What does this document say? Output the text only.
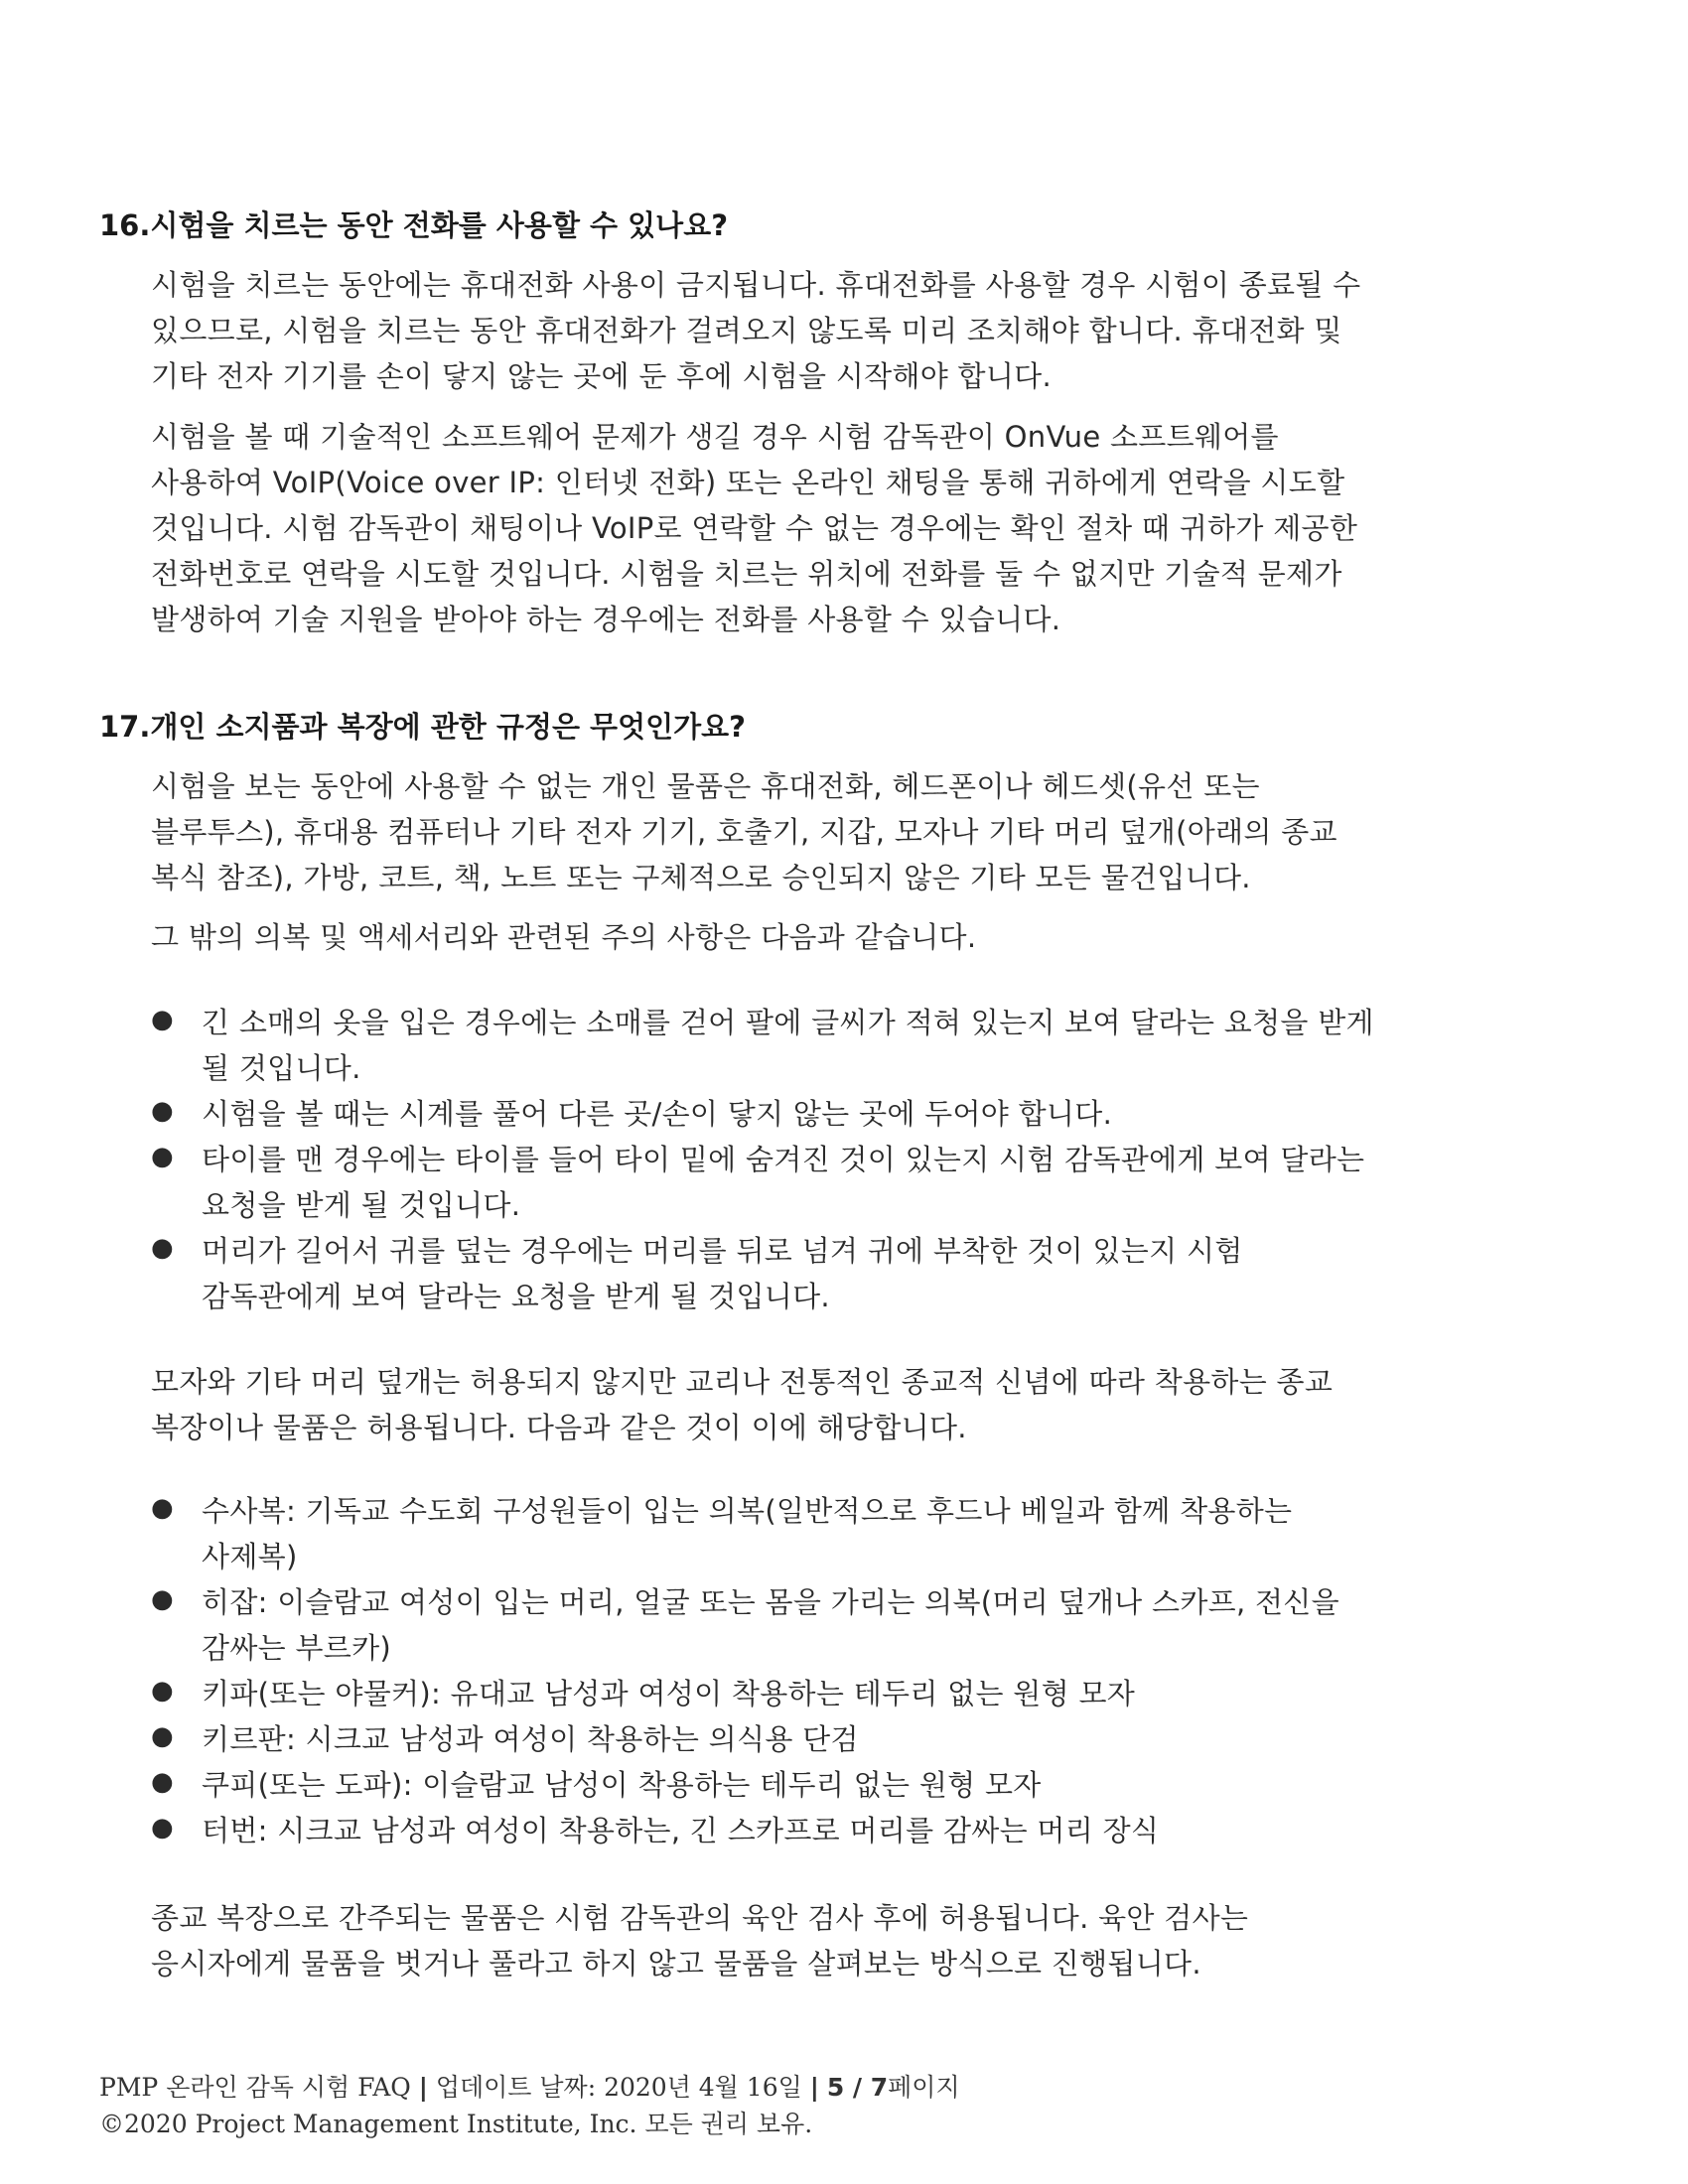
16.시험을 치르는 동안 전화를 사용할 수 있나요?
시험을 치르는 동안에는 휴대전화 사용이 금지됩니다. 휴대전화를 사용할 경우 시험이 종료될 수
있으므로, 시험을 치르는 동안 휴대전화가 걸려오지 않도록 미리 조치해야 합니다. 휴대전화 및
기타 전자 기기를 손이 닿지 않는 곳에 둔 후에 시험을 시작해야 합니다.
시험을 볼 때 기술적인 소프트웨어 문제가 생길 경우 시험 감독관이 OnVue 소프트웨어를
사용하여 VoIP(Voice over IP: 인터넷 전화) 또는 온라인 채팅을 통해 귀하에게 연락을 시도할
것입니다. 시험 감독관이 채팅이나 VoIP로 연락할 수 없는 경우에는 확인 절차 때 귀하가 제공한
전화번호로 연락을 시도할 것입니다. 시험을 치르는 위치에 전화를 둘 수 없지만 기술적 문제가
발생하여 기술 지원을 받아야 하는 경우에는 전화를 사용할 수 있습니다.
17.개인 소지품과 복장에 관한 규정은 무엇인가요?
시험을 보는 동안에 사용할 수 없는 개인 물품은 휴대전화, 헤드폰이나 헤드셋(유선 또는
블루투스), 휴대용 컴퓨터나 기타 전자 기기, 호출기, 지갑, 모자나 기타 머리 덮개(아래의 종교
복식 참조), 가방, 코트, 책, 노트 또는 구체적으로 승인되지 않은 기타 모든 물건입니다.
그 밖의 의복 및 액세서리와 관련된 주의 사항은 다음과 같습니다.
● 긴 소매의 옷을 입은 경우에는 소매를 걷어 팔에 글씨가 적혀 있는지 보여 달라는 요청을 받게
될 것입니다.
● 시험을 볼 때는 시계를 풀어 다른 곳/손이 닿지 않는 곳에 두어야 합니다.
● 타이를 맨 경우에는 타이를 들어 타이 밑에 숨겨진 것이 있는지 시험 감독관에게 보여 달라는
요청을 받게 될 것입니다.
● 머리가 길어서 귀를 덮는 경우에는 머리를 뒤로 넘겨 귀에 부착한 것이 있는지 시험
감독관에게 보여 달라는 요청을 받게 될 것입니다.
모자와 기타 머리 덮개는 허용되지 않지만 교리나 전통적인 종교적 신념에 따라 착용하는 종교
복장이나 물품은 허용됩니다. 다음과 같은 것이 이에 해당합니다.
● 수사복: 기독교 수도회 구성원들이 입는 의복(일반적으로 후드나 베일과 함께 착용하는
사제복)
● 히잡: 이슬람교 여성이 입는 머리, 얼굴 또는 몸을 가리는 의복(머리 덮개나 스카프, 전신을
감싸는 부르카)
● 키파(또는 야물커): 유대교 남성과 여성이 착용하는 테두리 없는 원형 모자
● 키르판: 시크교 남성과 여성이 착용하는 의식용 단검
● 쿠피(또는 도파): 이슬람교 남성이 착용하는 테두리 없는 원형 모자
● 터번: 시크교 남성과 여성이 착용하는, 긴 스카프로 머리를 감싸는 머리 장식
종교 복장으로 간주되는 물품은 시험 감독관의 육안 검사 후에 허용됩니다. 육안 검사는
응시자에게 물품을 벗거나 풀라고 하지 않고 물품을 살펴보는 방식으로 진행됩니다.
PMP 온라인 감독 시험 FAQ | 업데이트 날짜: 2020년 4월 16일 | 5 / 7페이지
©2020 Project Management Institute, Inc. 모든 권리 보유.
